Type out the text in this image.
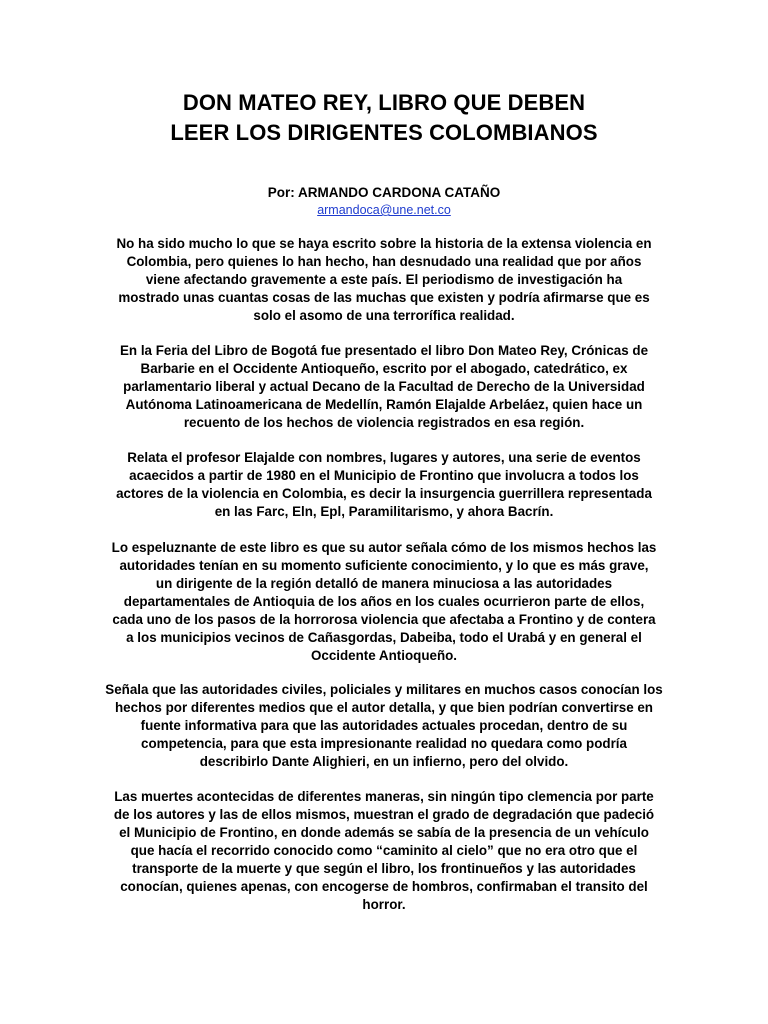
DON MATEO REY, LIBRO QUE DEBEN
LEER LOS DIRIGENTES COLOMBIANOS
Por: ARMANDO CARDONA CATAÑO
armandoca@une.net.co
No ha sido mucho lo que se haya escrito sobre la historia de la extensa violencia en
Colombia, pero quienes lo han hecho, han desnudado una realidad que por años
viene afectando gravemente a este país. El periodismo de investigación ha
mostrado unas cuantas cosas de las muchas que existen y podría afirmarse que es
solo el asomo de una terrorífica realidad.
En la Feria del Libro de Bogotá fue presentado el libro Don Mateo Rey, Crónicas de
Barbarie en el Occidente Antioqueño, escrito por el abogado, catedrático, ex
parlamentario liberal y actual Decano de la Facultad de Derecho de la Universidad
Autónoma Latinoamericana de Medellín, Ramón Elajalde Arbeláez, quien hace un
recuento de los hechos de violencia registrados en esa región.
Relata el profesor Elajalde con nombres, lugares y autores, una serie de eventos
acaecidos a partir de 1980 en el Municipio de Frontino que involucra a todos los
actores de la violencia en Colombia, es decir la insurgencia guerrillera representada
en las Farc, Eln, Epl, Paramilitarismo, y ahora Bacrín.
Lo espeluznante de este libro es que su autor señala cómo de los mismos hechos las
autoridades tenían en su momento suficiente conocimiento, y lo que es más grave,
un dirigente de la región detalló de manera minuciosa a las autoridades
departamentales de Antioquia de los años en los cuales ocurrieron parte de ellos,
cada uno de los pasos de la horrorosa violencia que afectaba a Frontino y de contera
a los municipios vecinos de Cañasgordas, Dabeiba, todo el Urabá y en general el
Occidente Antioqueño.
Señala que las autoridades civiles, policiales y militares en muchos casos conocían los
hechos por diferentes medios que el autor detalla, y que bien podrían convertirse en
fuente informativa para que las autoridades actuales procedan, dentro de su
competencia, para que esta impresionante realidad no quedara como podría
describirlo Dante Alighieri, en un infierno, pero del olvido.
Las muertes acontecidas de diferentes maneras, sin ningún tipo clemencia por parte
de los autores y las de ellos mismos, muestran el grado de degradación que padeció
el Municipio de Frontino, en donde además se sabía de la presencia de un vehículo
que hacía el recorrido conocido como “caminito al cielo” que no era otro que el
transporte de la muerte y que según el libro, los frontinueños y las autoridades
conocían, quienes apenas, con encogerse de hombros, confirmaban el transito del
horror.
